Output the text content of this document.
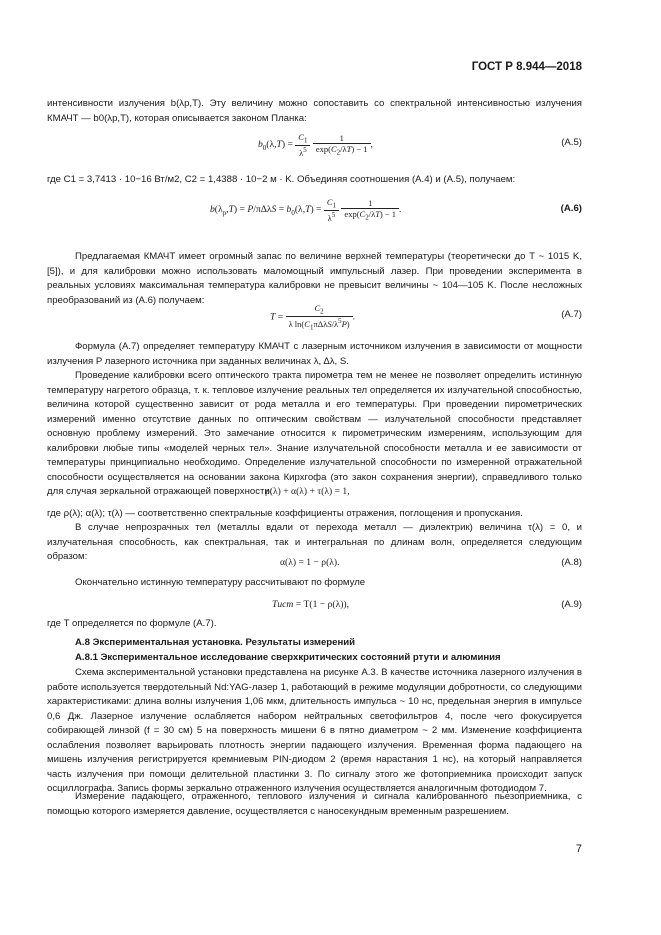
ГОСТ Р 8.944—2018
интенсивности излучения b(λp,T). Эту величину можно сопоставить со спектральной интенсивностью излучения КМАЧТ — b0(λp,T), которая описывается законом Планка:
$b_0(\lambda,T) = \frac{C_1}{\lambda^5}$
$\frac{1}{\exp(C_2/\lambda T) - 1}$ ,	(A.5)
где C1 = 3,7413 · 10−16 Вт/м2, C2 = 1,4388 · 10−2 м · K. Объединяя соотношения (A.4) и (A.5), получаем:
$b(\lambda_p,T) = P/\pi\Delta\lambda S = b_0(\lambda,T) = \frac{C_1}{\lambda^5}$
$\frac{1}{\exp(C_2/\lambda T) - 1}$ .	(A.6)
Предлагаемая КМАЧТ имеет огромный запас по величине верхней температуры (теоретически до T ~ 1015 K, [5]), и для калибровки можно использовать маломощный импульсный лазер. При проведении эксперимента в реальных условиях максимальная температура калибровки не превысит величины ~ 104—105 K. После несложных преобразований из (A.6) получаем:
$T = \frac{C_2}{\lambda \ln(C_1\pi\Delta\lambda S/\lambda^5P)}$ .	(A.7)
Формула (A.7) определяет температуру КМАЧТ с лазерным источником излучения в зависимости от мощности излучения P лазерного источника при заданных величинах λ, Δλ, S.
Проведение калибровки всего оптического тракта пирометра тем не менее не позволяет определить истинную температуру нагретого образца, т. к. тепловое излучение реальных тел определяется их излучательной способностью, величина которой существенно зависит от рода металла и его температуры. При проведении пирометрических измерений именно отсутствие данных по оптическим свойствам — излучательной способности представляет основную проблему измерений. Это замечание относится к пирометрическим измерениям, использующим для калибровки любые типы «моделей черных тел». Знание излучательной способности металла и ее зависимости от температуры принципиально необходимо. Определение излучательной способности по измеренной отражательной способности осуществляется на основании закона Кирхгофа (это закон сохранения энергии), справедливого только для случая зеркальной отражающей поверхности:
ρ(λ) + α(λ) + τ(λ) = 1,
где ρ(λ); α(λ); τ(λ) — соответственно спектральные коэффициенты отражения, поглощения и пропускания.
В случае непрозрачных тел (металлы вдали от перехода металл — диэлектрик) величина τ(λ) = 0, и излучательная способность, как спектральная, так и интегральная по длинам волн, определяется следующим образом:
α(λ) = 1 − ρ(λ).	(A.8)
Окончательно истинную температуру рассчитывают по формуле
Tист = T(1 − ρ(λ)),	(A.9)
где T определяется по формуле (A.7).
A.8 Экспериментальная установка. Результаты измерений
A.8.1 Экспериментальное исследование сверхкритических состояний ртути и алюминия
Схема экспериментальной установки представлена на рисунке A.3. В качестве источника лазерного излучения в работе используется твердотельный Nd:YAG-лазер 1, работающий в режиме модуляции добротности, со следующими характеристиками: длина волны излучения 1,06 мкм, длительность импульса ~ 10 нс, предельная энергия в импульсе 0,6 Дж. Лазерное излучение ослабляется набором нейтральных светофильтров 4, после чего фокусируется собирающей линзой (f = 30 см) 5 на поверхность мишени 6 в пятно диаметром ~ 2 мм. Изменение коэффициента ослабления позволяет варьировать плотность энергии падающего излучения. Временная форма падающего на мишень излучения регистрируется кремниевым PIN-диодом 2 (время нарастания 1 нс), на который направляется часть излучения при помощи делительной пластинки 3. По сигналу этого же фотоприемника происходит запуск осциллографа. Запись формы зеркально отраженного излучения осуществляется аналогичным фотодиодом 7.
Измерение падающего, отраженного, теплового излучения и сигнала калиброванного пьезоприемника, с помощью которого измеряется давление, осуществляется с наносекундным временным разрешением.
7
